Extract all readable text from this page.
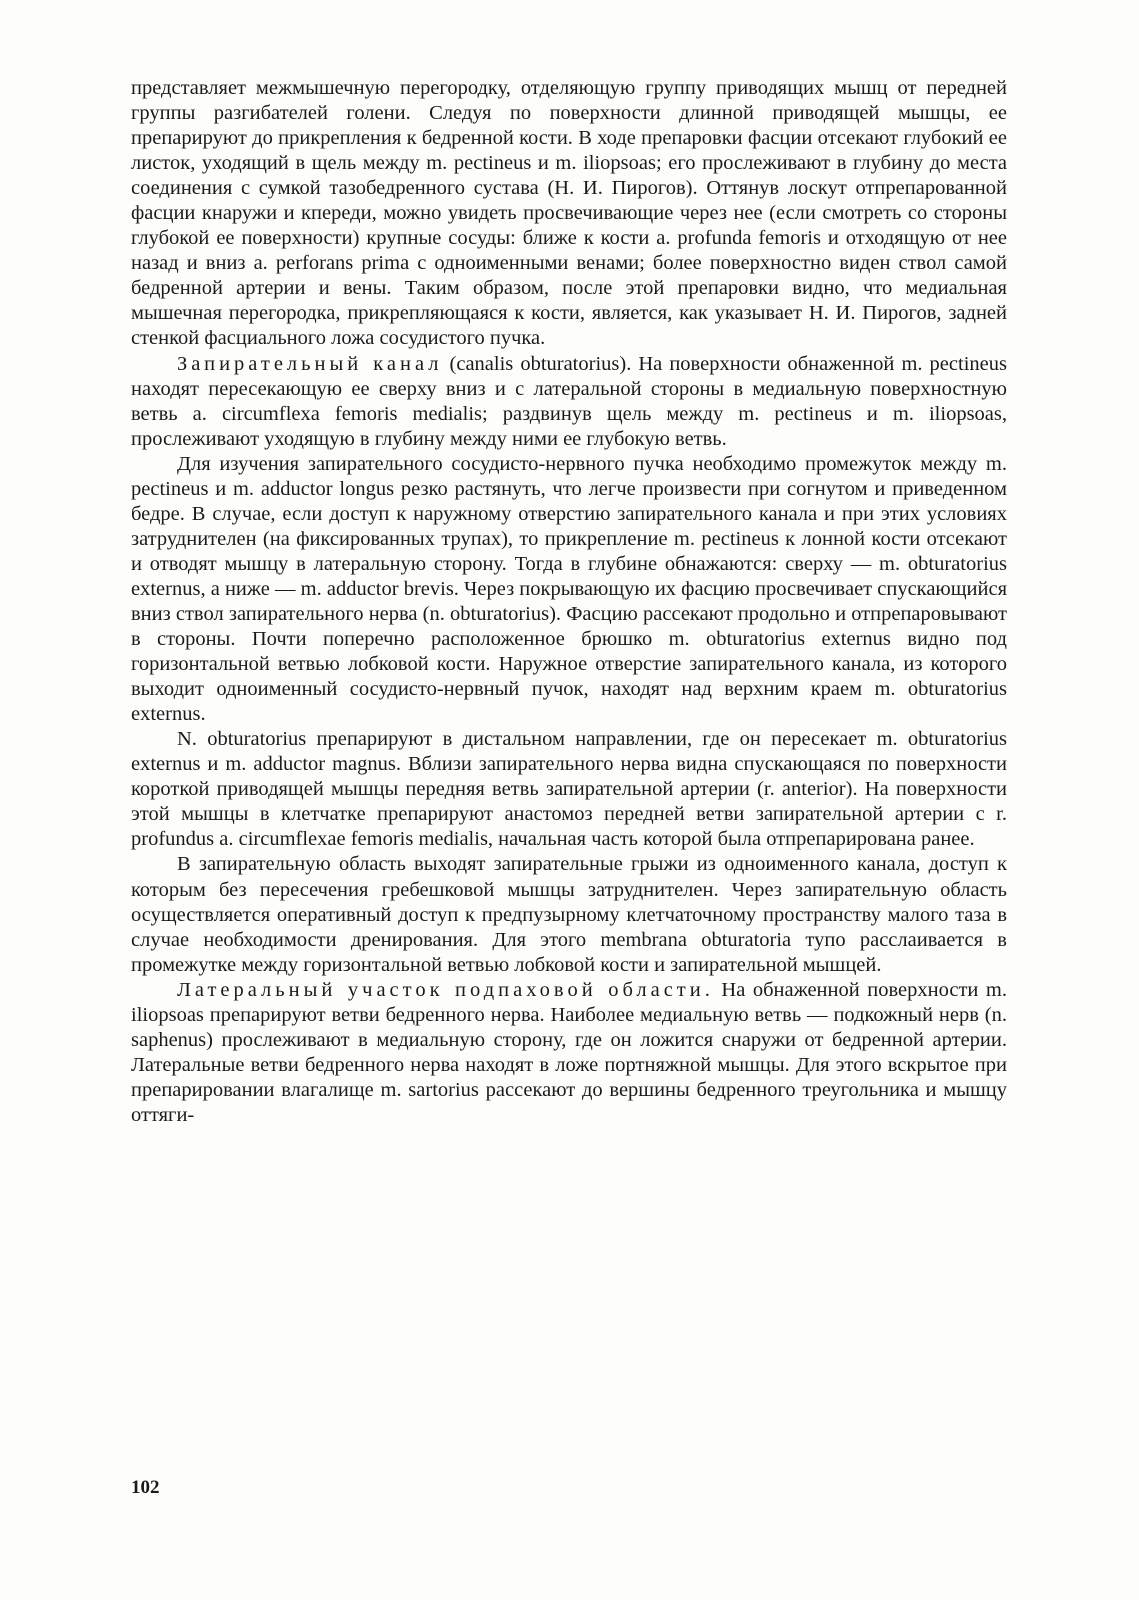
представляет межмышечную перегородку, отделяющую группу приводящих мышц от передней группы разгибателей голени. Следуя по поверхности длинной приводящей мышцы, ее препарируют до прикрепления к бедренной кости. В ходе препаровки фасции отсекают глубокий ее листок, уходящий в щель между m. pectineus и m. iliopsoas; его прослеживают в глубину до места соединения с сумкой тазобедренного сустава (Н. И. Пирогов). Оттянув лоскут отпрепарованной фасции кнаружи и кпереди, можно увидеть просвечивающие через нее (если смотреть со стороны глубокой ее поверхности) крупные сосуды: ближе к кости a. profunda femoris и отходящую от нее назад и вниз a. perforans prima с одноименными венами; более поверхностно виден ствол самой бедренной артерии и вены. Таким образом, после этой препаровки видно, что медиальная мышечная перегородка, прикрепляющаяся к кости, является, как указывает Н. И. Пирогов, задней стенкой фасциального ложа сосудистого пучка.

Запирательный канал (canalis obturatorius). На поверхности обнаженной m. pectineus находят пересекающую ее сверху вниз и с латеральной стороны в медиальную поверхностную ветвь a. circumflexa femoris medialis; раздвинув щель между m. pectineus и m. iliopsoas, прослеживают уходящую в глубину между ними ее глубокую ветвь.

Для изучения запирательного сосудисто-нервного пучка необходимо промежуток между m. pectineus и m. adductor longus резко растянуть, что легче произвести при согнутом и приведенном бедре. В случае, если доступ к наружному отверстию запирательного канала и при этих условиях затруднителен (на фиксированных трупах), то прикрепление m. pectineus к лонной кости отсекают и отводят мышцу в латеральную сторону. Тогда в глубине обнажаются: сверху — m. obturatorius externus, а ниже — m. adductor brevis. Через покрывающую их фасцию просвечивает спускающийся вниз ствол запирательного нерва (n. obturatorius). Фасцию рассекают продольно и отпрепаровывают в стороны. Почти поперечно расположенное брюшко m. obturatorius externus видно под горизонтальной ветвью лобковой кости. Наружное отверстие запирательного канала, из которого выходит одноименный сосудисто-нервный пучок, находят над верхним краем m. obturatorius externus.

N. obturatorius препарируют в дистальном направлении, где он пересекает m. obturatorius externus и m. adductor magnus. Вблизи запирательного нерва видна спускающаяся по поверхности короткой приводящей мышцы передняя ветвь запирательной артерии (r. anterior). На поверхности этой мышцы в клетчатке препарируют анастомоз передней ветви запирательной артерии с r. profundus a. circumflexae femoris medialis, начальная часть которой была отпрепарирована ранее.

В запирательную область выходят запирательные грыжи из одноименного канала, доступ к которым без пересечения гребешковой мышцы затруднителен. Через запирательную область осуществляется оперативный доступ к предпузырному клетчаточному пространству малого таза в случае необходимости дренирования. Для этого membrana obturatoria тупо расслаивается в промежутке между горизонтальной ветвью лобковой кости и запирательной мышцей.

Латеральный участок подпаховой области. На обнаженной поверхности m. iliopsoas препарируют ветви бедренного нерва. Наиболее медиальную ветвь — подкожный нерв (n. saphenus) прослеживают в медиальную сторону, где он ложится снаружи от бедренной артерии. Латеральные ветви бедренного нерва находят в ложе портняжной мышцы. Для этого вскрытое при препарировании влагалище m. sartorius рассекают до вершины бедренного треугольника и мышцу оттяги-

102
